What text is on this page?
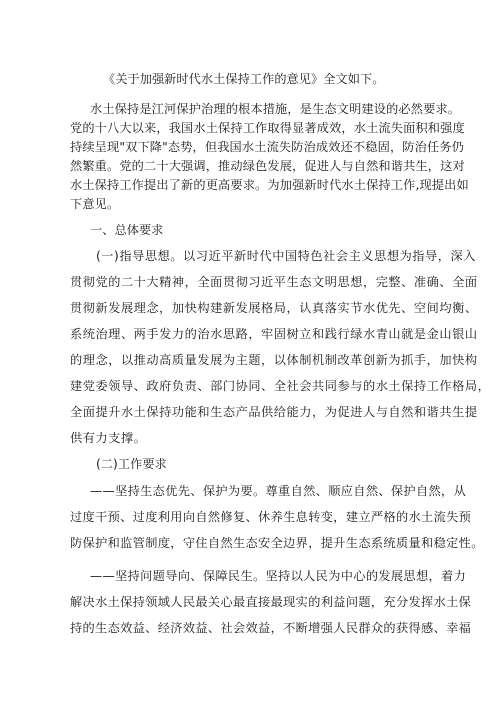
《关于加强新时代水土保持工作的意见》全文如下。
水土保持是江河保护治理的根本措施，是生态文明建设的必然要求。
党的十八大以来，我国水土保持工作取得显著成效，水土流失面积和强度
持续呈现"双下降"态势，但我国水土流失防治成效还不稳固，防治任务仍
然繁重。党的二十大强调，推动绿色发展，促进人与自然和谐共生，这对
水土保持工作提出了新的更高要求。为加强新时代水土保持工作,现提出如
下意见。
一、总体要求
(一)指导思想。以习近平新时代中国特色社会主义思想为指导，深入
贯彻党的二十大精神，全面贯彻习近平生态文明思想，完整、准确、全面
贯彻新发展理念，加快构建新发展格局，认真落实节水优先、空间均衡、
系统治理、两手发力的治水思路，牢固树立和践行绿水青山就是金山银山
的理念，以推动高质量发展为主题，以体制机制改革创新为抓手，加快构
建党委领导、政府负责、部门协同、全社会共同参与的水土保持工作格局，
全面提升水土保持功能和生态产品供给能力，为促进人与自然和谐共生提
供有力支撑。
(二)工作要求
——坚持生态优先、保护为要。尊重自然、顺应自然、保护自然，从
过度干预、过度利用向自然修复、休养生息转变，建立严格的水土流失预
防保护和监管制度，守住自然生态安全边界，提升生态系统质量和稳定性。
——坚持问题导向、保障民生。坚持以人民为中心的发展思想，着力
解决水土保持领域人民最关心最直接最现实的利益问题，充分发挥水土保
持的生态效益、经济效益、社会效益，不断增强人民群众的获得感、幸福
